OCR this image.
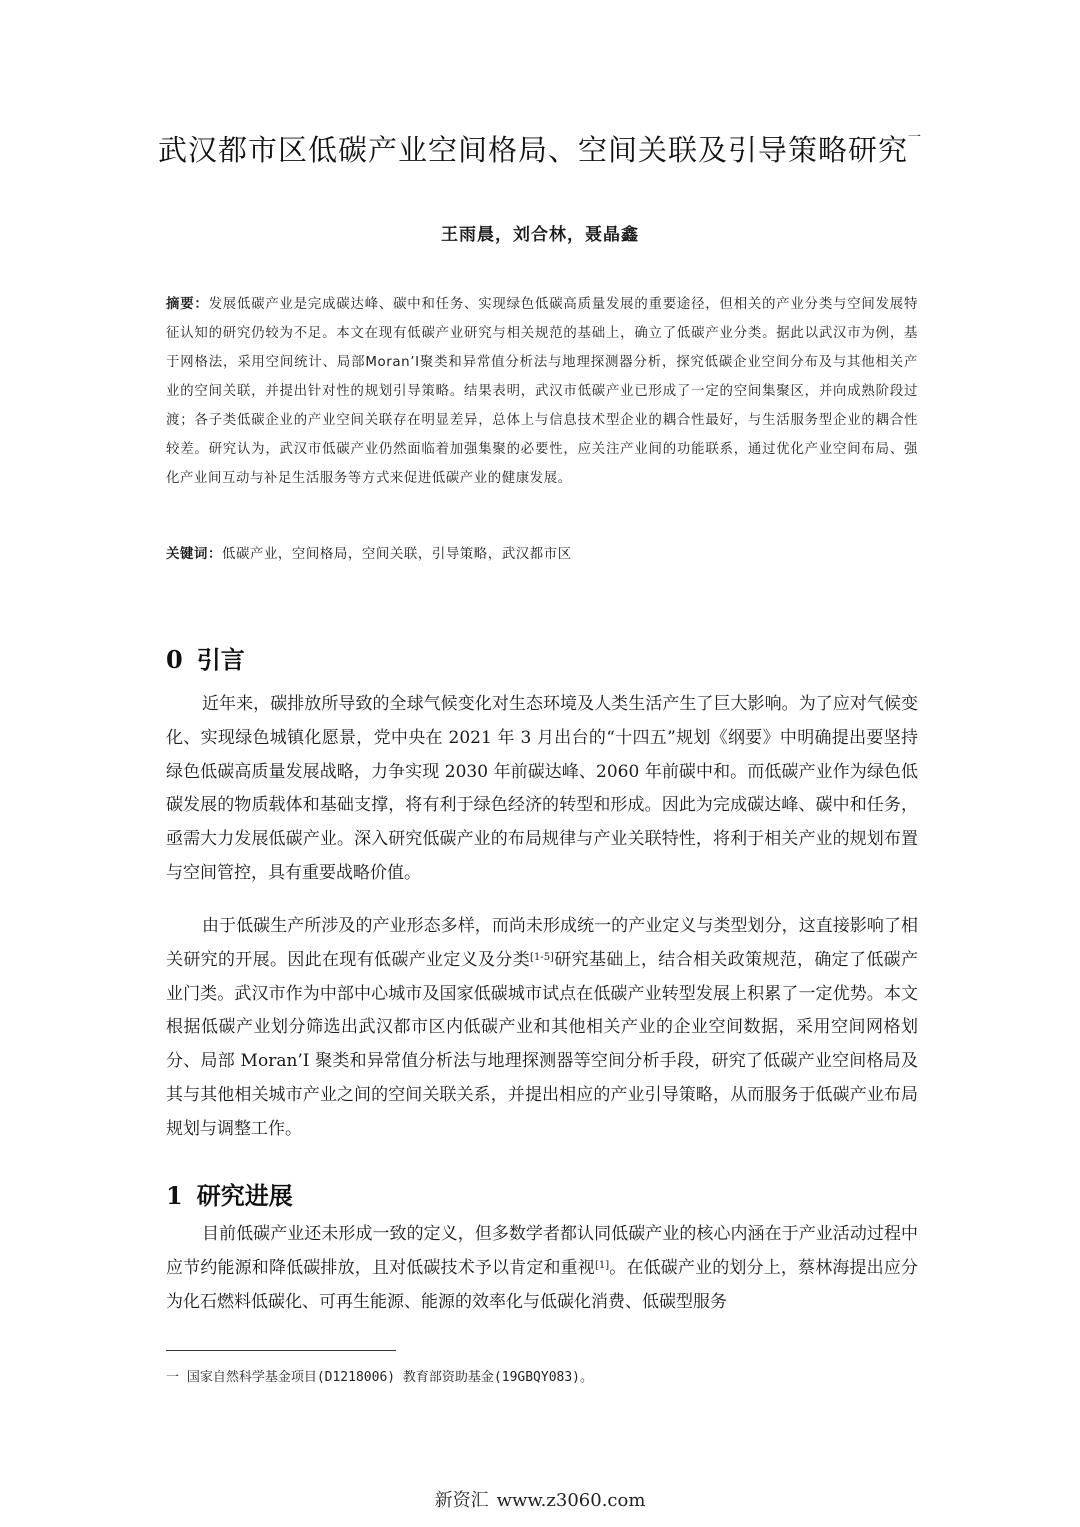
武汉都市区低碳产业空间格局、空间关联及引导策略研究$^一$
王雨晨，刘合林，聂晶鑫
摘要：发展低碳产业是完成碳达峰、碳中和任务、实现绿色低碳高质量发展的重要途径，但相关的产业分类与空间发展特征认知的研究仍较为不足。本文在现有低碳产业研究与相关规范的基础上，确立了低碳产业分类。据此以武汉市为例，基于网格法，采用空间统计、局部Moran’I聚类和异常值分析法与地理探测器分析，探究低碳企业空间分布及与其他相关产业的空间关联，并提出针对性的规划引导策略。结果表明，武汉市低碳产业已形成了一定的空间集聚区，并向成熟阶段过渡；各子类低碳企业的产业空间关联存在明显差异，总体上与信息技术型企业的耦合性最好，与生活服务型企业的耦合性较差。研究认为，武汉市低碳产业仍然面临着加强集聚的必要性，应关注产业间的功能联系，通过优化产业空间布局、强化产业间互动与补足生活服务等方式来促进低碳产业的健康发展。
关键词：低碳产业，空间格局，空间关联，引导策略，武汉都市区
0 引言
近年来，碳排放所导致的全球气候变化对生态环境及人类生活产生了巨大影响。为了应对气候变化、实现绿色城镇化愿景，党中央在 2021 年 3 月出台的“十四五”规划《纲要》中明确提出要坚持绿色低碳高质量发展战略，力争实现 2030 年前碳达峰、2060 年前碳中和。而低碳产业作为绿色低碳发展的物质载体和基础支撑，将有利于绿色经济的转型和形成。因此为完成碳达峰、碳中和任务，亟需大力发展低碳产业。深入研究低碳产业的布局规律与产业关联特性，将利于相关产业的规划布置与空间管控，具有重要战略价值。
由于低碳生产所涉及的产业形态多样，而尚未形成统一的产业定义与类型划分，这直接影响了相关研究的开展。因此在现有低碳产业定义及分类[1-5]研究基础上，结合相关政策规范，确定了低碳产业门类。武汉市作为中部中心城市及国家低碳城市试点在低碳产业转型发展上积累了一定优势。本文根据低碳产业划分筛选出武汉都市区内低碳产业和其他相关产业的企业空间数据，采用空间网格划分、局部 Moran’I 聚类和异常值分析法与地理探测器等空间分析手段，研究了低碳产业空间格局及其与其他相关城市产业之间的空间关联关系，并提出相应的产业引导策略，从而服务于低碳产业布局规划与调整工作。
1 研究进展
目前低碳产业还未形成一致的定义，但多数学者都认同低碳产业的核心内涵在于产业活动过程中应节约能源和降低碳排放，且对低碳技术予以肯定和重视[1]。在低碳产业的划分上，蔡林海提出应分为化石燃料低碳化、可再生能源、能源的效率化与低碳化消费、低碳型服务
一 国家自然科学基金项目(D1218006) 教育部资助基金(19GBQY083)。
新资汇 www.z3060.com
